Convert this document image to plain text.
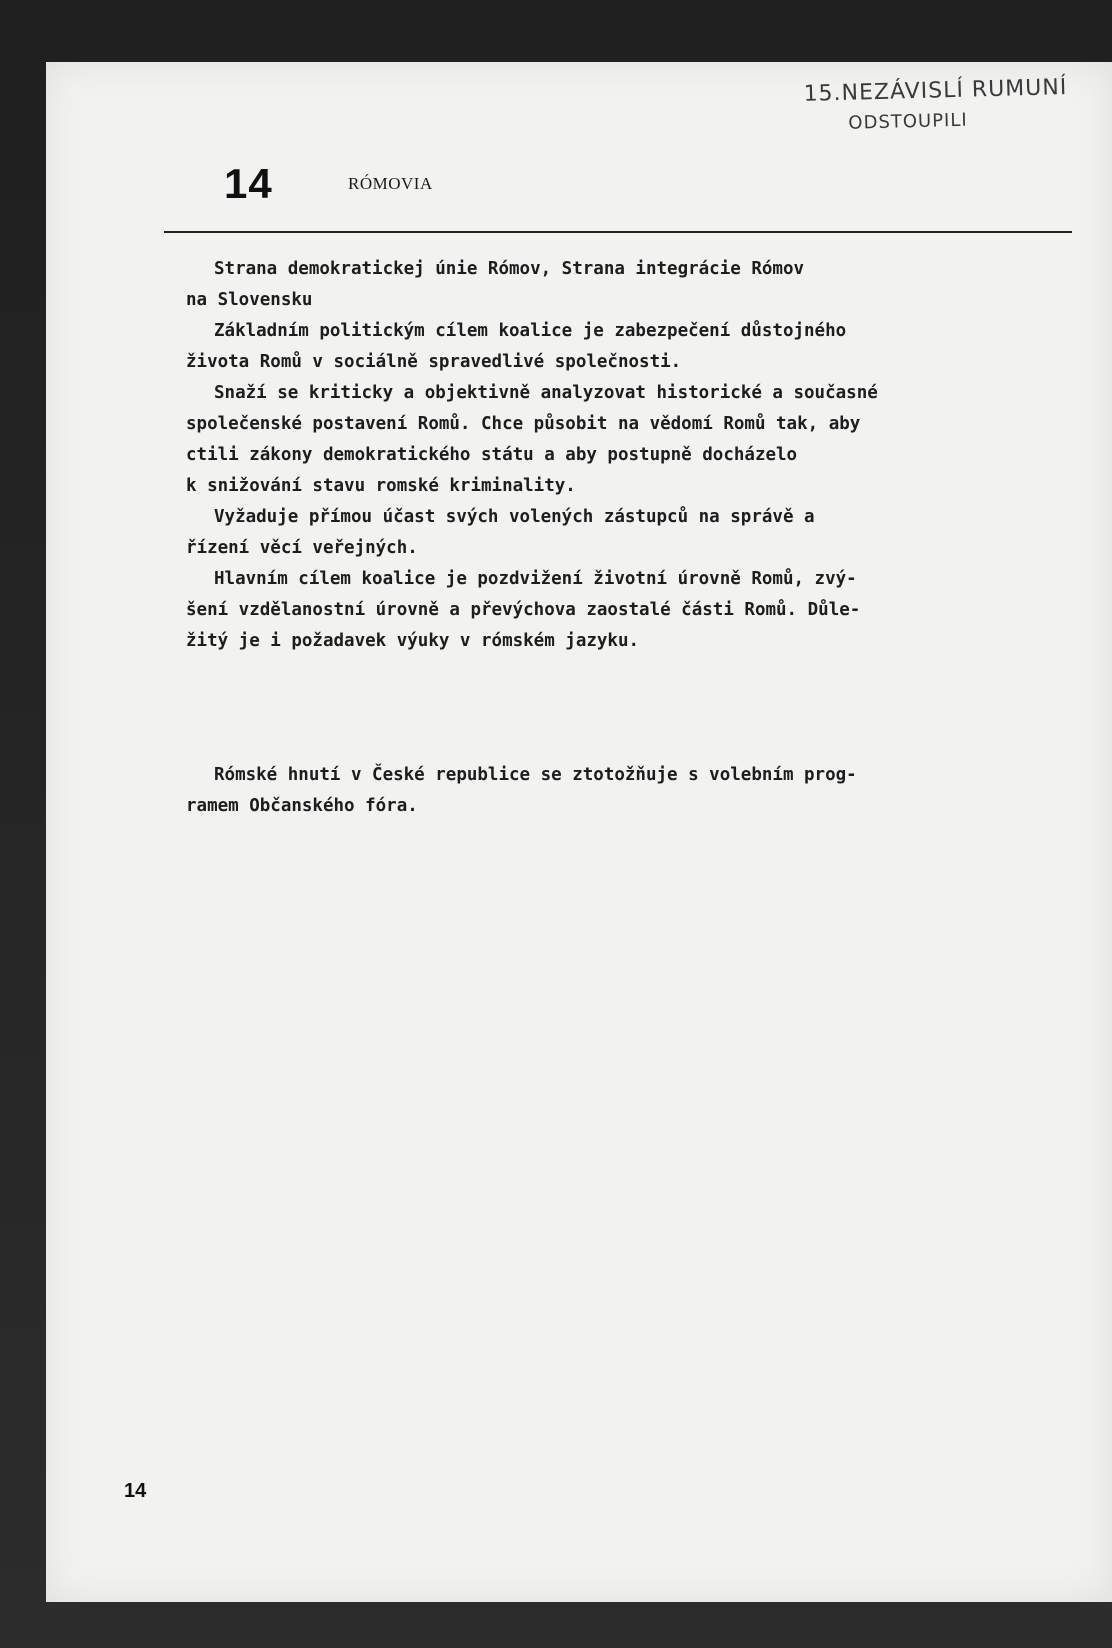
15.NEZÁVISLÍ RUMUNÍ
ODSTOUPILI
14	RÓMOVIA

Strana demokratickej únie Rómov, Strana integrácie Rómov
na Slovensku

Základním politickým cílem koalice je zabezpečení důstojného
života Romů v sociálně spravedlivé společnosti.

Snaží se kriticky a objektivně analyzovat historické a současné
společenské postavení Romů. Chce působit na vědomí Romů tak, aby
ctili zákony demokratického státu a aby postupně docházelo
k snižování stavu romské kriminality.

Vyžaduje přímou účast svých volených zástupců na správě a
řízení věcí veřejných.

Hlavním cílem koalice je pozdvižení životní úrovně Romů, zvý-
šení vzdělanostní úrovně a převýchova zaostalé části Romů. Důle-
žitý je i požadavek výuky v rómském jazyku.

Rómské hnutí v České republice se ztotožňuje s volebním prog-
ramem Občanského fóra.
14
